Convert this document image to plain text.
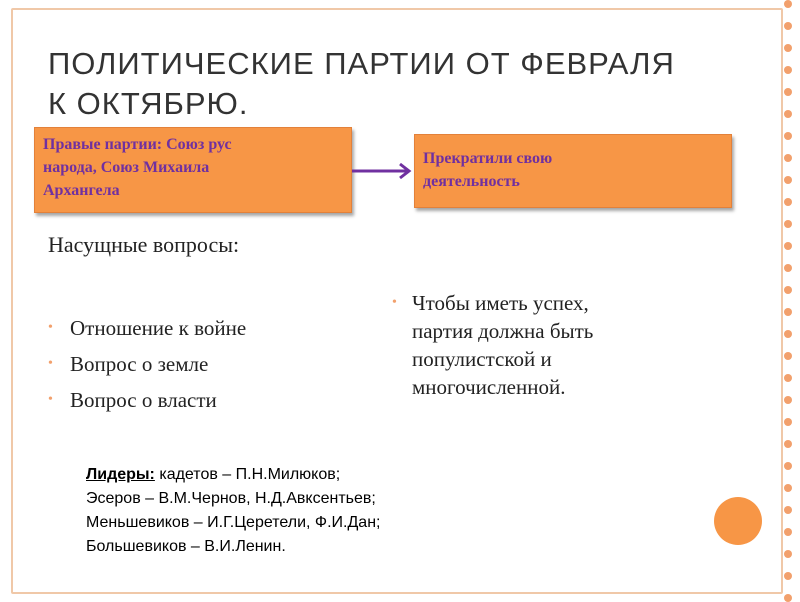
ПОЛИТИЧЕСКИЕ ПАРТИИ ОТ ФЕВРАЛЯ
К ОКТЯБРЮ.
Правые партии: Союз рус
народа, Союз Михаила
Архангела
Прекратили свою
деятельность
Насущные вопросы:
• Отношение к войне
• Вопрос о земле
• Вопрос о власти
• Чтобы иметь успех,
партия должна быть
популистской и
многочисленной.
Лидеры: кадетов – П.Н.Милюков;
Эсеров – В.М.Чернов, Н.Д.Авксентьев;
Меньшевиков – И.Г.Церетели, Ф.И.Дан;
Большевиков – В.И.Ленин.
